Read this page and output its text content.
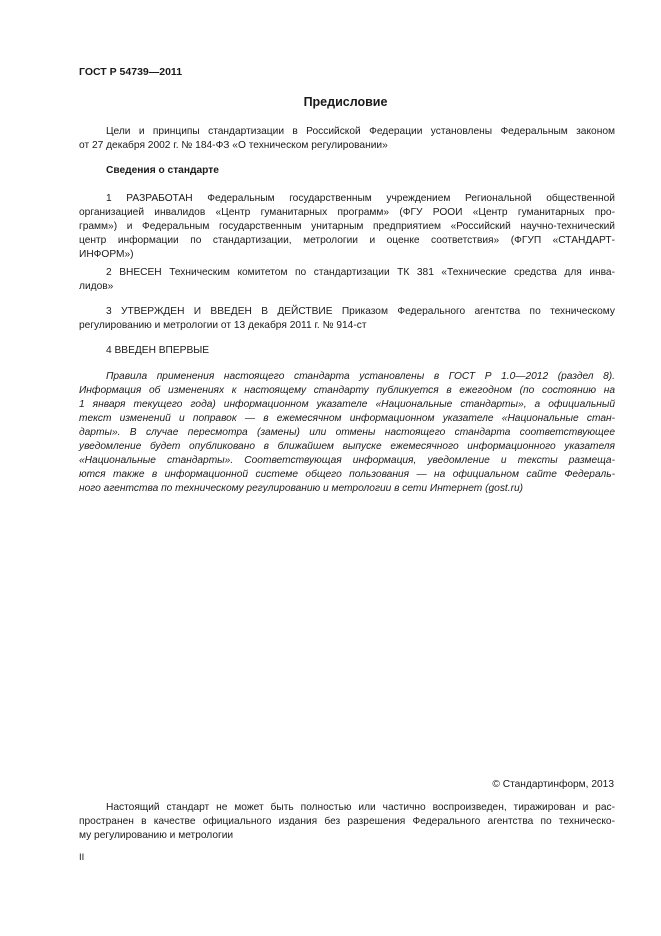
ГОСТ Р 54739—2011
Предисловие
Цели и принципы стандартизации в Российской Федерации установлены Федеральным законом
от 27 декабря 2002 г. № 184-ФЗ «О техническом регулировании»
Сведения о стандарте
1 РАЗРАБОТАН Федеральным государственным учреждением Региональной общественной
организацией инвалидов «Центр гуманитарных программ» (ФГУ РООИ «Центр гуманитарных про-
грамм») и Федеральным государственным унитарным предприятием «Российский научно-технический
центр информации по стандартизации, метрологии и оценке соответствия» (ФГУП «СТАНДАРТ-
ИНФОРМ»)
2 ВНЕСЕН Техническим комитетом по стандартизации ТК 381 «Технические средства для инва-
лидов»
3 УТВЕРЖДЕН И ВВЕДЕН В ДЕЙСТВИЕ Приказом Федерального агентства по техническому
регулированию и метрологии от 13 декабря 2011 г. № 914-ст
4 ВВЕДЕН ВПЕРВЫЕ
Правила применения настоящего стандарта установлены в ГОСТ Р 1.0—2012 (раздел 8).
Информация об изменениях к настоящему стандарту публикуется в ежегодном (по состоянию на
1 января текущего года) информационном указателе «Национальные стандарты», а официальный
текст изменений и поправок — в ежемесячном информационном указателе «Национальные стан-
дарты». В случае пересмотра (замены) или отмены настоящего стандарта соответствующее
уведомление будет опубликовано в ближайшем выпуске ежемесячного информационного указателя
«Национальные стандарты». Соответствующая информация, уведомление и тексты размеща-
ются также в информационной системе общего пользования — на официальном сайте Федераль-
ного агентства по техническому регулированию и метрологии в сети Интернет (gost.ru)
© Стандартинформ, 2013
Настоящий стандарт не может быть полностью или частично воспроизведен, тиражирован и рас-
пространен в качестве официального издания без разрешения Федерального агентства по техническо-
му регулированию и метрологии
II
